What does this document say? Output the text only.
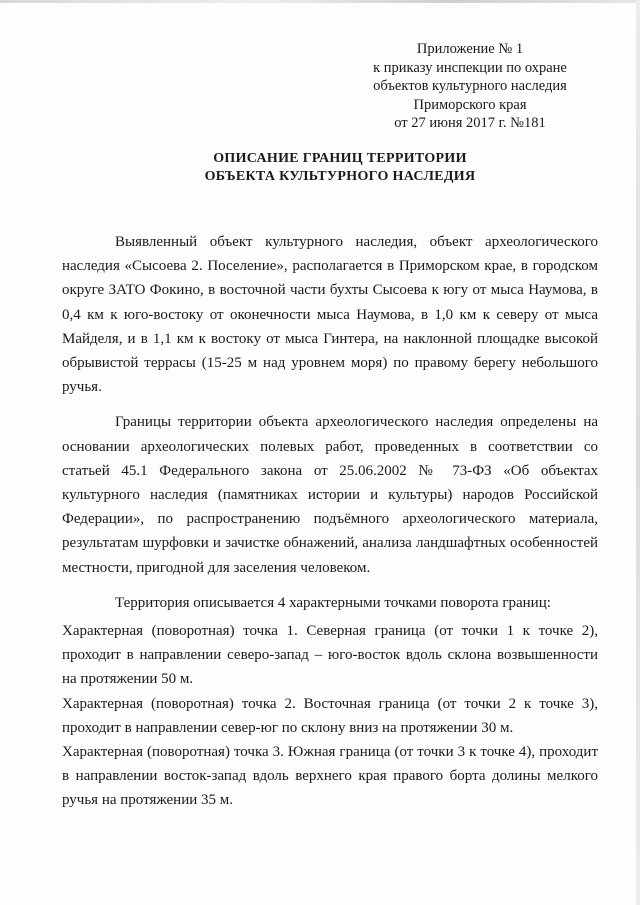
Приложение № 1
к приказу инспекции по охране
объектов культурного наследия
Приморского края
от 27 июня 2017 г. №181
ОПИСАНИЕ ГРАНИЦ ТЕРРИТОРИИ
ОБЪЕКТА КУЛЬТУРНОГО НАСЛЕДИЯ

Выявленный объект культурного наследия, объект археологического наследия «Сысоева 2. Поселение», располагается в Приморском крае, в городском округе ЗАТО Фокино, в восточной части бухты Сысоева к югу от мыса Наумова, в 0,4 км к юго-востоку от оконечности мыса Наумова, в 1,0 км к северу от мыса Майделя, и в 1,1 км к востоку от мыса Гинтера, на наклонной площадке высокой обрывистой террасы (15-25 м над уровнем моря) по правому берегу небольшого ручья.

Границы территории объекта археологического наследия определены на основании археологических полевых работ, проведенных в соответствии со статьей 45.1 Федерального закона от 25.06.2002 № 73-ФЗ «Об объектах культурного наследия (памятниках истории и культуры) народов Российской Федерации», по распространению подъёмного археологического материала, результатам шурфовки и зачистке обнажений, анализа ландшафтных особенностей местности, пригодной для заселения человеком.

Территория описывается 4 характерными точками поворота границ:

Характерная (поворотная) точка 1. Северная граница (от точки 1 к точке 2), проходит в направлении северо-запад – юго-восток вдоль склона возвышенности на протяжении 50 м.

Характерная (поворотная) точка 2. Восточная граница (от точки 2 к точке 3), проходит в направлении север-юг по склону вниз на протяжении 30 м.

Характерная (поворотная) точка 3. Южная граница (от точки 3 к точке 4), проходит в направлении восток-запад вдоль верхнего края правого борта долины мелкого ручья на протяжении 35 м.
